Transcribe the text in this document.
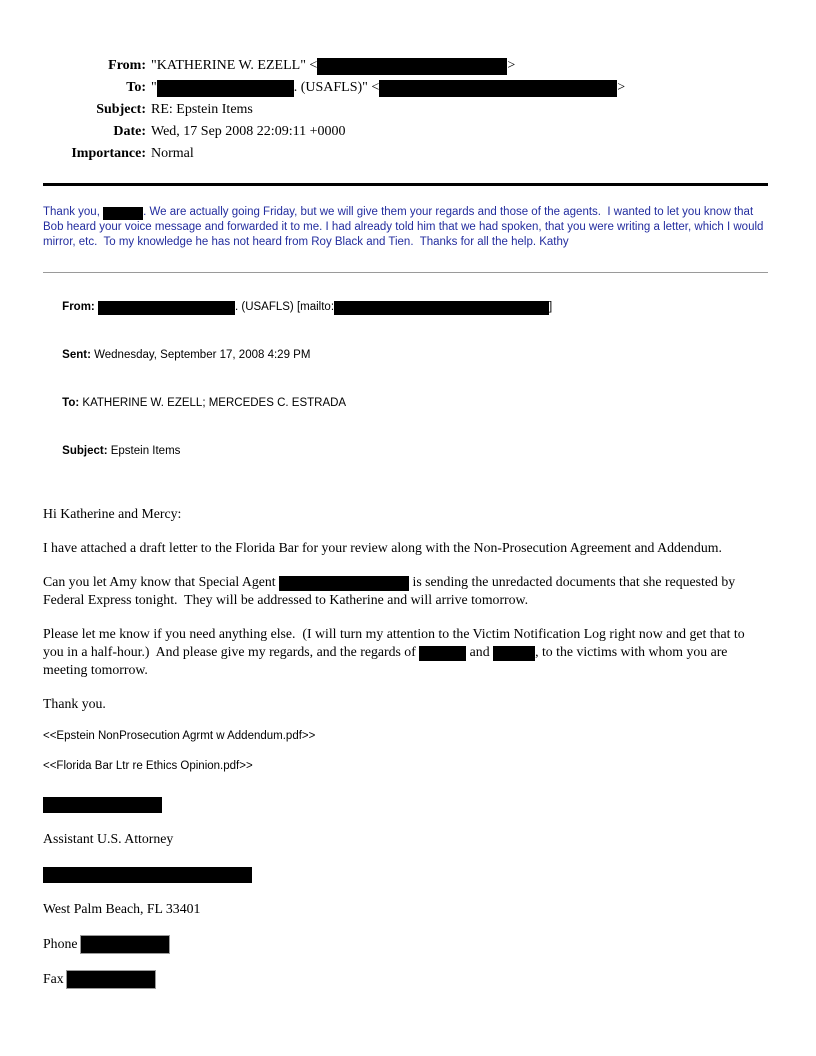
From: "KATHERINE W. EZELL" <	>
To: "	. (USAFLS)" <	>
Subject: RE: Epstein Items
Date: Wed, 17 Sep 2008 22:09:11 +0000
Importance: Normal

Thank you,	. We are actually going Friday, but we will give them your regards and those of the agents.  I wanted to let you know that Bob heard your voice message and forwarded it to me. I had already told him that we had spoken, that you were writing a letter, which I would mirror, etc.  To my knowledge he has not heard from Roy Black and Tien.  Thanks for all the help. Kathy

From:	. (USAFLS) [mailto:	]

Sent: Wednesday, September 17, 2008 4:29 PM

To: KATHERINE W. EZELL; MERCEDES C. ESTRADA

Subject: Epstein Items

Hi Katherine and Mercy:

I have attached a draft letter to the Florida Bar for your review along with the Non-Prosecution Agreement and Addendum.

Can you let Amy know that Special Agent	is sending the unredacted documents that she requested by Federal Express tonight.  They will be addressed to Katherine and will arrive tomorrow.

Please let me know if you need anything else.  (I will turn my attention to the Victim Notification Log right now and get that to you in a half-hour.)  And please give my regards, and the regards of	and	, to the victims with whom you are meeting tomorrow.

Thank you.

<<Epstein NonProsecution Agrmt w Addendum.pdf>>

<<Florida Bar Ltr re Ethics Opinion.pdf>>

Assistant U.S. Attorney
West Palm Beach, FL 33401
Phone
Fax
